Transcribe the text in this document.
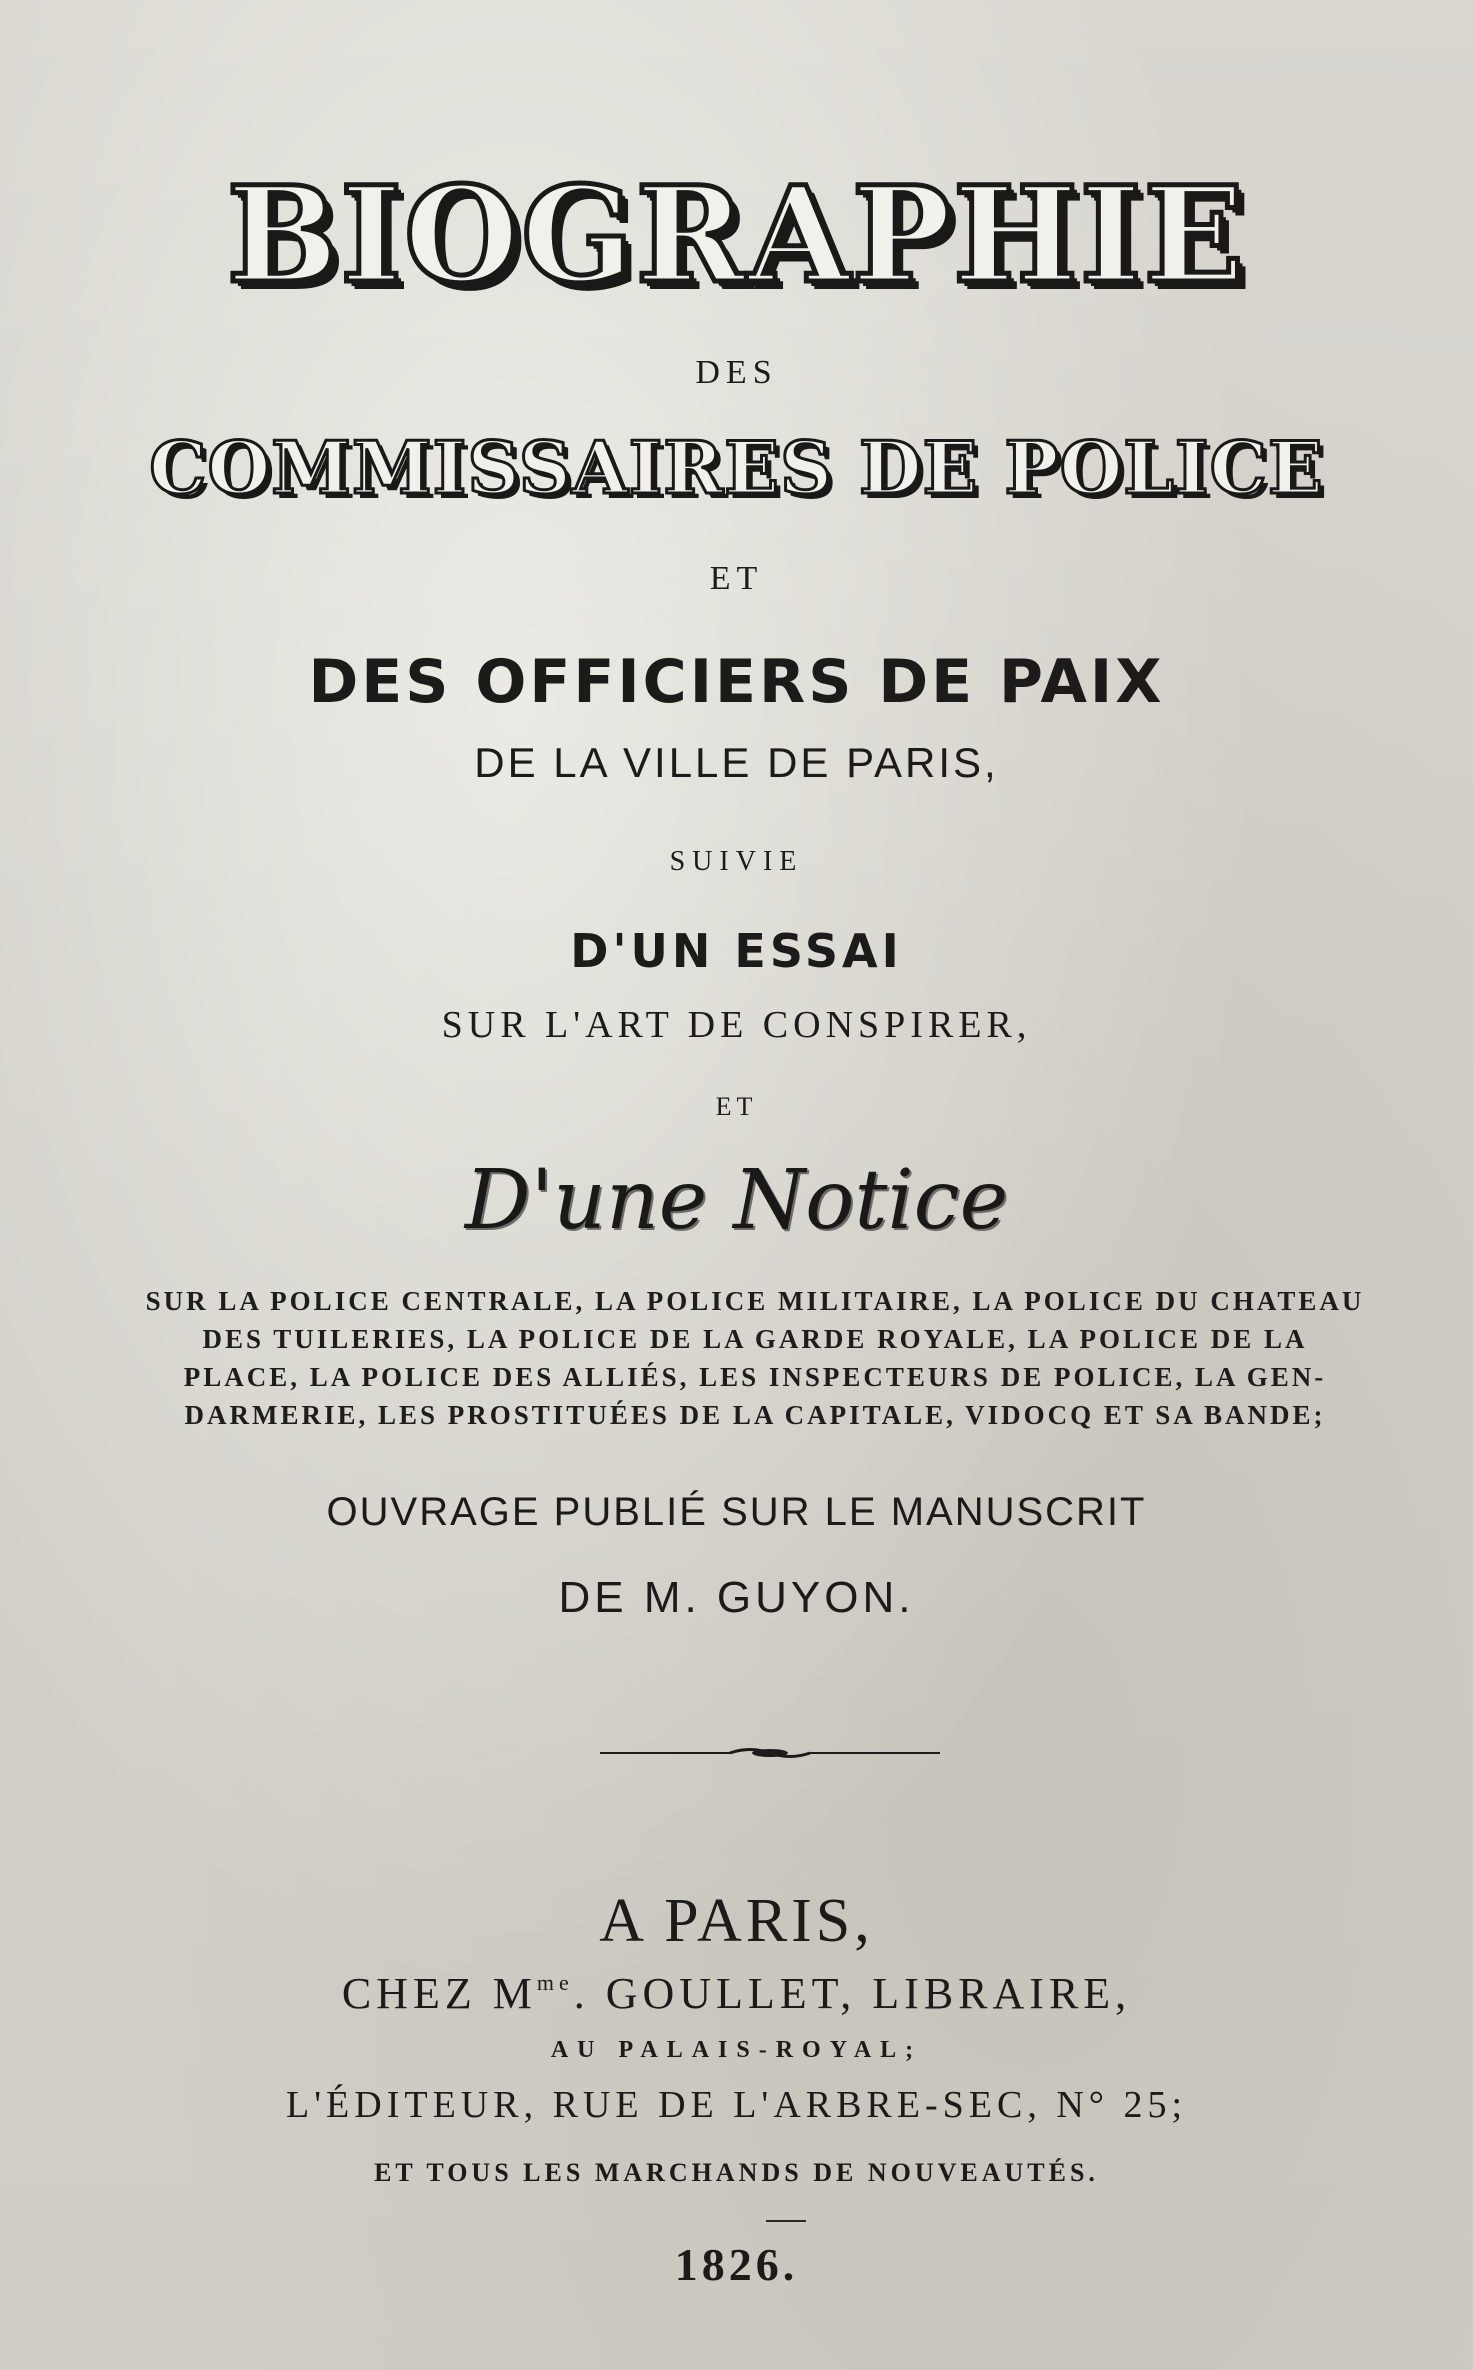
BIOGRAPHIE
DES
COMMISSAIRES DE POLICE
ET
DES OFFICIERS DE PAIX
DE LA VILLE DE PARIS,
SUIVIE
D'UN ESSAI
SUR L'ART DE CONSPIRER,
ET
D'une Notice
SUR LA POLICE CENTRALE, LA POLICE MILITAIRE, LA POLICE DU CHATEAU
DES TUILERIES, LA POLICE DE LA GARDE ROYALE, LA POLICE DE LA
PLACE, LA POLICE DES ALLIÉS, LES INSPECTEURS DE POLICE, LA GEN-
DARMERIE, LES PROSTITUÉES DE LA CAPITALE, VIDOCQ ET SA BANDE;
OUVRAGE PUBLIÉ SUR LE MANUSCRIT
DE M. GUYON.
A PARIS,
CHEZ $M^{me}$. GOULLET, LIBRAIRE,
AU PALAIS-ROYAL;
L'ÉDITEUR, RUE DE L'ARBRE-SEC, N° 25;
ET TOUS LES MARCHANDS DE NOUVEAUTÉS.
1826.
